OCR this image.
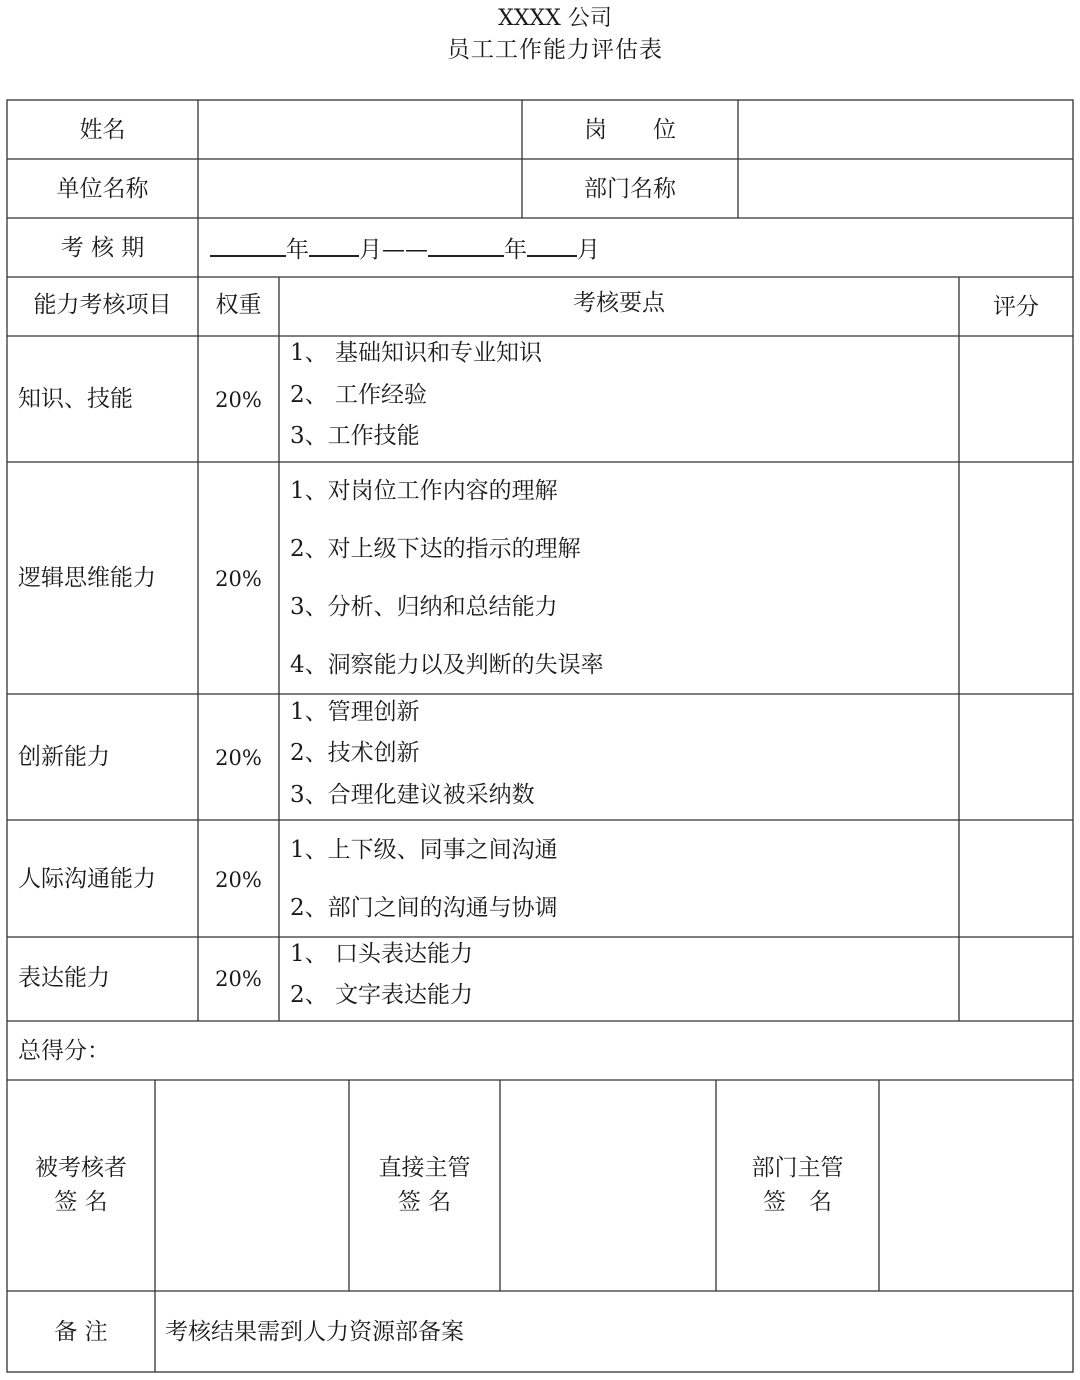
XXXX 公司
员工工作能力评估表
姓名	岗　　位
单位名称	部门名称
考 核 期	年 月——	年 月
能力考核项目	权重	考核要点	评分
知识、技能	20%
1、 基础知识和专业知识
2、 工作经验
3、工作技能
逻辑思维能力	20%
1、对岗位工作内容的理解
2、对上级下达的指示的理解
3、分析、归纳和总结能力
4、洞察能力以及判断的失误率
创新能力	20%
1、管理创新
2、技术创新
3、合理化建议被采纳数
人际沟通能力	20%
1、上下级、同事之间沟通
2、部门之间的沟通与协调
表达能力	20%
1、 口头表达能力
2、 文字表达能力
总得分：
被考核者
签 名
直接主管
签 名
部门主管
签　名
备 注	考核结果需到人力资源部备案
